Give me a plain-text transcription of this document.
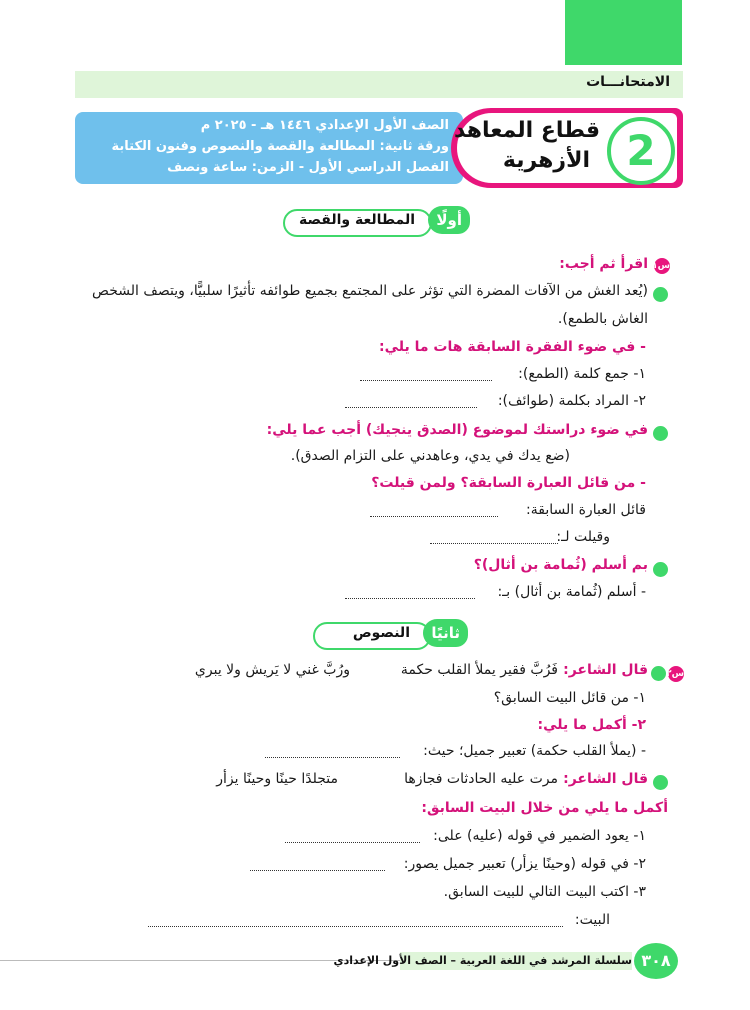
الامتحانـــات
الصف الأول الإعدادي ١٤٤٦ هـ - ٢٠٢٥ م
ورقة ثانية: المطالعة والقصة والنصوص وفنون الكتابة
الفصل الدراسي الأول - الزمن: ساعة ونصف	2
قطاع المعاهد
الأزهرية
أولًا
المطالعة والقصة
س١
اقرأ ثم أجب:
(يُعد الغش من الآفات المضرة التي تؤثر على المجتمع بجميع طوائفه تأثيرًا سلبيًّا، ويتصف الشخص
الغاش بالطمع).
- في ضوء الفقرة السابقة هات ما يلي:
١- جمع كلمة (الطمع):
٢- المراد بكلمة (طوائف):
في ضوء دراستك لموضوع (الصدق ينجيك) أجب عما يلي:
(ضع يدك في يدي، وعاهدني على التزام الصدق).
- من قائل العبارة السابقة؟ ولمن قيلت؟
قائل العبارة السابقة:
وقيلت لـ:
بم أسلم (ثُمامة بن أثال)؟
- أسلم (ثُمامة بن أثال) بـ:
ثانيًا
النصوص
س٢
قال الشاعر:
فَرُبَّ فقير يملأ القلب حكمة
ورُبَّ غني لا يَريش ولا يبري
١- من قائل البيت السابق؟
٢- أكمل ما يلي:
- (يملأ القلب حكمة) تعبير جميل؛ حيث:
قال الشاعر:
مرت عليه الحادثات فجازها
متجلدًا حينًا وحينًا يزأر
أكمل ما يلي من خلال البيت السابق:
١- يعود الضمير في قوله (عليه) على:
٢- في قوله (وحينًا يزأر) تعبير جميل يصور:
٣- اكتب البيت التالي للبيت السابق.
البيت:
سلسلة المرشد في اللغة العربية – الصف الأول الإعدادي ٣٠٨
